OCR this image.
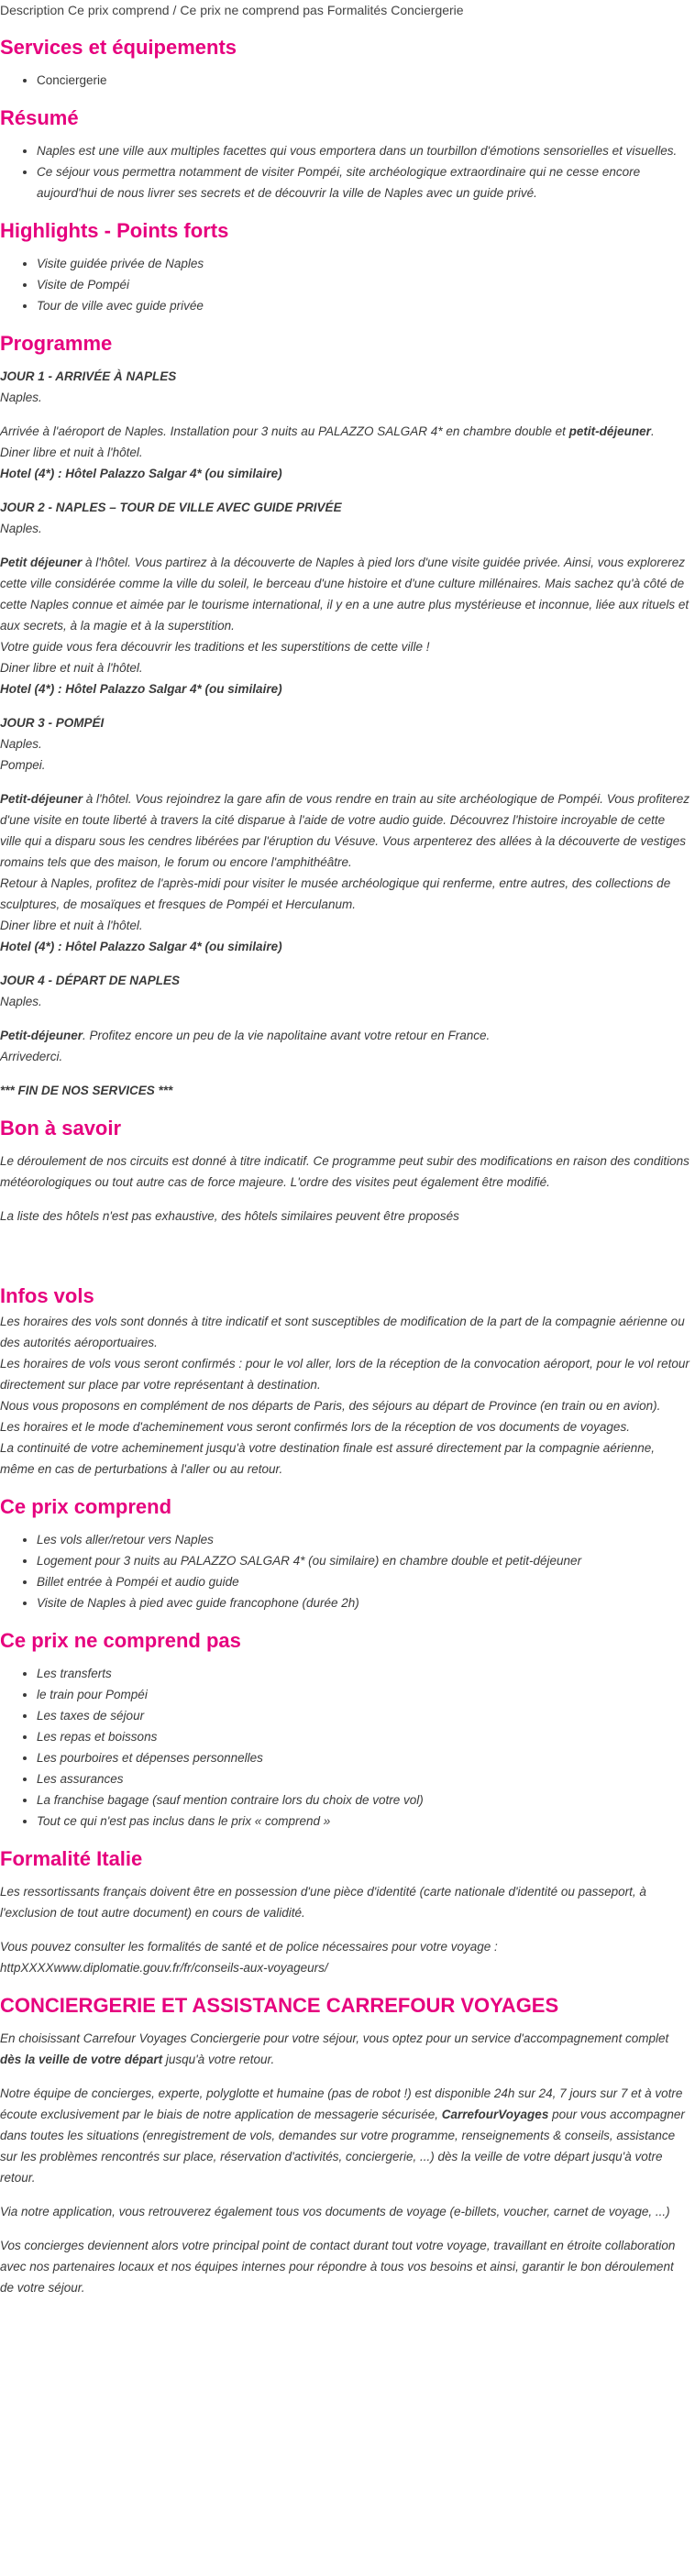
Description Ce prix comprend / Ce prix ne comprend pas Formalités Conciergerie
Services et équipements
• Conciergerie
Résumé
• Naples est une ville aux multiples facettes qui vous emportera dans un tourbillon d'émotions sensorielles et visuelles.
• Ce séjour vous permettra notamment de visiter Pompéi, site archéologique extraordinaire qui ne cesse encore aujourd'hui de nous livrer ses secrets et de découvrir la ville de Naples avec un guide privé.
Highlights - Points forts
• Visite guidée privée de Naples
• Visite de Pompéi
• Tour de ville avec guide privée
Programme

JOUR 1 - ARRIVÉE À NAPLES

Naples.

Arrivée à l'aéroport de Naples. Installation pour 3 nuits au PALAZZO SALGAR 4* en chambre double et petit-déjeuner.

Diner libre et nuit à l'hôtel.

Hotel (4*) : Hôtel Palazzo Salgar 4* (ou similaire)

JOUR 2 - NAPLES – TOUR DE VILLE AVEC GUIDE PRIVÉE

Naples.

Petit déjeuner à l'hôtel. Vous partirez à la découverte de Naples à pied lors d'une visite guidée privée. Ainsi, vous explorerez cette ville considérée comme la ville du soleil, le berceau d'une histoire et d'une culture millénaires. Mais sachez qu'à côté de cette Naples connue et aimée par le tourisme international, il y en a une autre plus mystérieuse et inconnue, liée aux rituels et aux secrets, à la magie et à la superstition.

Votre guide vous fera découvrir les traditions et les superstitions de cette ville !

Diner libre et nuit à l'hôtel.

Hotel (4*) : Hôtel Palazzo Salgar 4* (ou similaire)

JOUR 3 - POMPÉI

Naples.

Pompei.

Petit-déjeuner à l'hôtel. Vous rejoindrez la gare afin de vous rendre en train au site archéologique de Pompéi. Vous profiterez d'une visite en toute liberté à travers la cité disparue à l'aide de votre audio guide. Découvrez l'histoire incroyable de cette ville qui a disparu sous les cendres libérées par l'éruption du Vésuve. Vous arpenterez des allées à la découverte de vestiges romains tels que des maison, le forum ou encore l'amphithéâtre.

Retour à Naples, profitez de l'après-midi pour visiter le musée archéologique qui renferme, entre autres, des collections de sculptures, de mosaïques et fresques de Pompéi et Herculanum.

Diner libre et nuit à l'hôtel.

Hotel (4*) : Hôtel Palazzo Salgar 4* (ou similaire)

JOUR 4 - DÉPART DE NAPLES

Naples.

Petit-déjeuner. Profitez encore un peu de la vie napolitaine avant votre retour en France.

Arrivederci.

*** FIN DE NOS SERVICES ***

Bon à savoir

Le déroulement de nos circuits est donné à titre indicatif. Ce programme peut subir des modifications en raison des conditions météorologiques ou tout autre cas de force majeure. L'ordre des visites peut également être modifié.

La liste des hôtels n'est pas exhaustive, des hôtels similaires peuvent être proposés

Infos vols

Les horaires des vols sont donnés à titre indicatif et sont susceptibles de modification de la part de la compagnie aérienne ou des autorités aéroportuaires.

Les horaires de vols vous seront confirmés : pour le vol aller, lors de la réception de la convocation aéroport, pour le vol retour directement sur place par votre représentant à destination.

Nous vous proposons en complément de nos départs de Paris, des séjours au départ de Province (en train ou en avion).

Les horaires et le mode d'acheminement vous seront confirmés lors de la réception de vos documents de voyages.

La continuité de votre acheminement jusqu'à votre destination finale est assuré directement par la compagnie aérienne, même en cas de perturbations à l'aller ou au retour.

Ce prix comprend
• Les vols aller/retour vers Naples
• Logement pour 3 nuits au PALAZZO SALGAR 4* (ou similaire) en chambre double et petit-déjeuner
• Billet entrée à Pompéi et audio guide
• Visite de Naples à pied avec guide francophone (durée 2h)
Ce prix ne comprend pas
• Les transferts
• le train pour Pompéi
• Les taxes de séjour
• Les repas et boissons
• Les pourboires et dépenses personnelles
• Les assurances
• La franchise bagage (sauf mention contraire lors du choix de votre vol)
• Tout ce qui n'est pas inclus dans le prix « comprend »
Formalité Italie

Les ressortissants français doivent être en possession d'une pièce d'identité (carte nationale d'identité ou passeport, à l'exclusion de tout autre document) en cours de validité.

Vous pouvez consulter les formalités de santé et de police nécessaires pour votre voyage :

httpXXXXwww.diplomatie.gouv.fr/fr/conseils-aux-voyageurs/

CONCIERGERIE ET ASSISTANCE CARREFOUR VOYAGES

En choisissant Carrefour Voyages Conciergerie pour votre séjour, vous optez pour un service d'accompagnement complet dès la veille de votre départ jusqu'à votre retour.

Notre équipe de concierges, experte, polyglotte et humaine (pas de robot !) est disponible 24h sur 24, 7 jours sur 7 et à votre écoute exclusivement par le biais de notre application de messagerie sécurisée, CarrefourVoyages pour vous accompagner dans toutes les situations (enregistrement de vols, demandes sur votre programme, renseignements & conseils, assistance sur les problèmes rencontrés sur place, réservation d'activités, conciergerie, ...) dès la veille de votre départ jusqu'à votre retour.

Via notre application, vous retrouverez également tous vos documents de voyage (e-billets, voucher, carnet de voyage, ...)

Vos concierges deviennent alors votre principal point de contact durant tout votre voyage, travaillant en étroite collaboration avec nos partenaires locaux et nos équipes internes pour répondre à tous vos besoins et ainsi, garantir le bon déroulement de votre séjour.
